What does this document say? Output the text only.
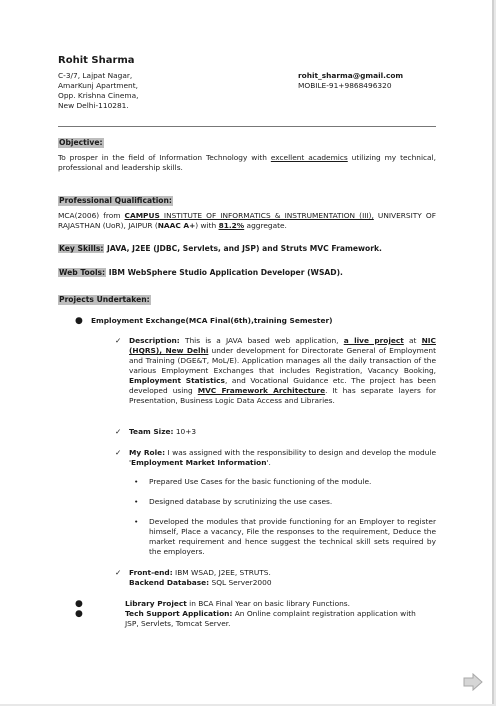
Rohit Sharma
C-3/7, Lajpat Nagar,
AmarKunj Apartment,
Opp. Krishna Cinema,
New Delhi-110281.
rohit_sharma@gmail.com
MOBILE-91+9868496320
Objective:
To prosper in the field of Information Technology with excellent academics utilizing my technical, professional and leadership skills.
Professional Qualification:
MCA(2006) from CAMPUS INSTITUTE OF INFORMATICS & INSTRUMENTATION (III), UNIVERSITY OF RAJASTHAN (UoR), JAIPUR (NAAC A+) with 81.2% aggregate.
Key Skills: JAVA, J2EE (JDBC, Servlets, and JSP) and Struts MVC Framework.
Web Tools: IBM WebSphere Studio Application Developer (WSAD).
Projects Undertaken:
● Employment Exchange(MCA Final(6th),training Semester)
✓ Description: This is a JAVA based web application, a live project at NIC (HQRS), New Delhi under development for Directorate General of Employment and Training (DGE&T, MoL/E). Application manages all the daily transaction of the various Employment Exchanges that includes Registration, Vacancy Booking, Employment Statistics, and Vocational Guidance etc. The project has been developed using MVC Framework Architecture. It has separate layers for Presentation, Business Logic Data Access and Libraries.
✓ Team Size: 10+3
✓ My Role: I was assigned with the responsibility to design and develop the module 'Employment Market Information'.
• Prepared Use Cases for the basic functioning of the module.
• Designed database by scrutinizing the use cases.
• Developed the modules that provide functioning for an Employer to register himself, Place a vacancy, File the responses to the requirement, Deduce the market requirement and hence suggest the technical skill sets required by the employers.
✓ Front-end: IBM WSAD, J2EE, STRUTS.
Backend Database: SQL Server2000
●	Library Project in BCA Final Year on basic library Functions.
●	Tech Support Application: An Online complaint registration application with JSP, Servlets, Tomcat Server.
